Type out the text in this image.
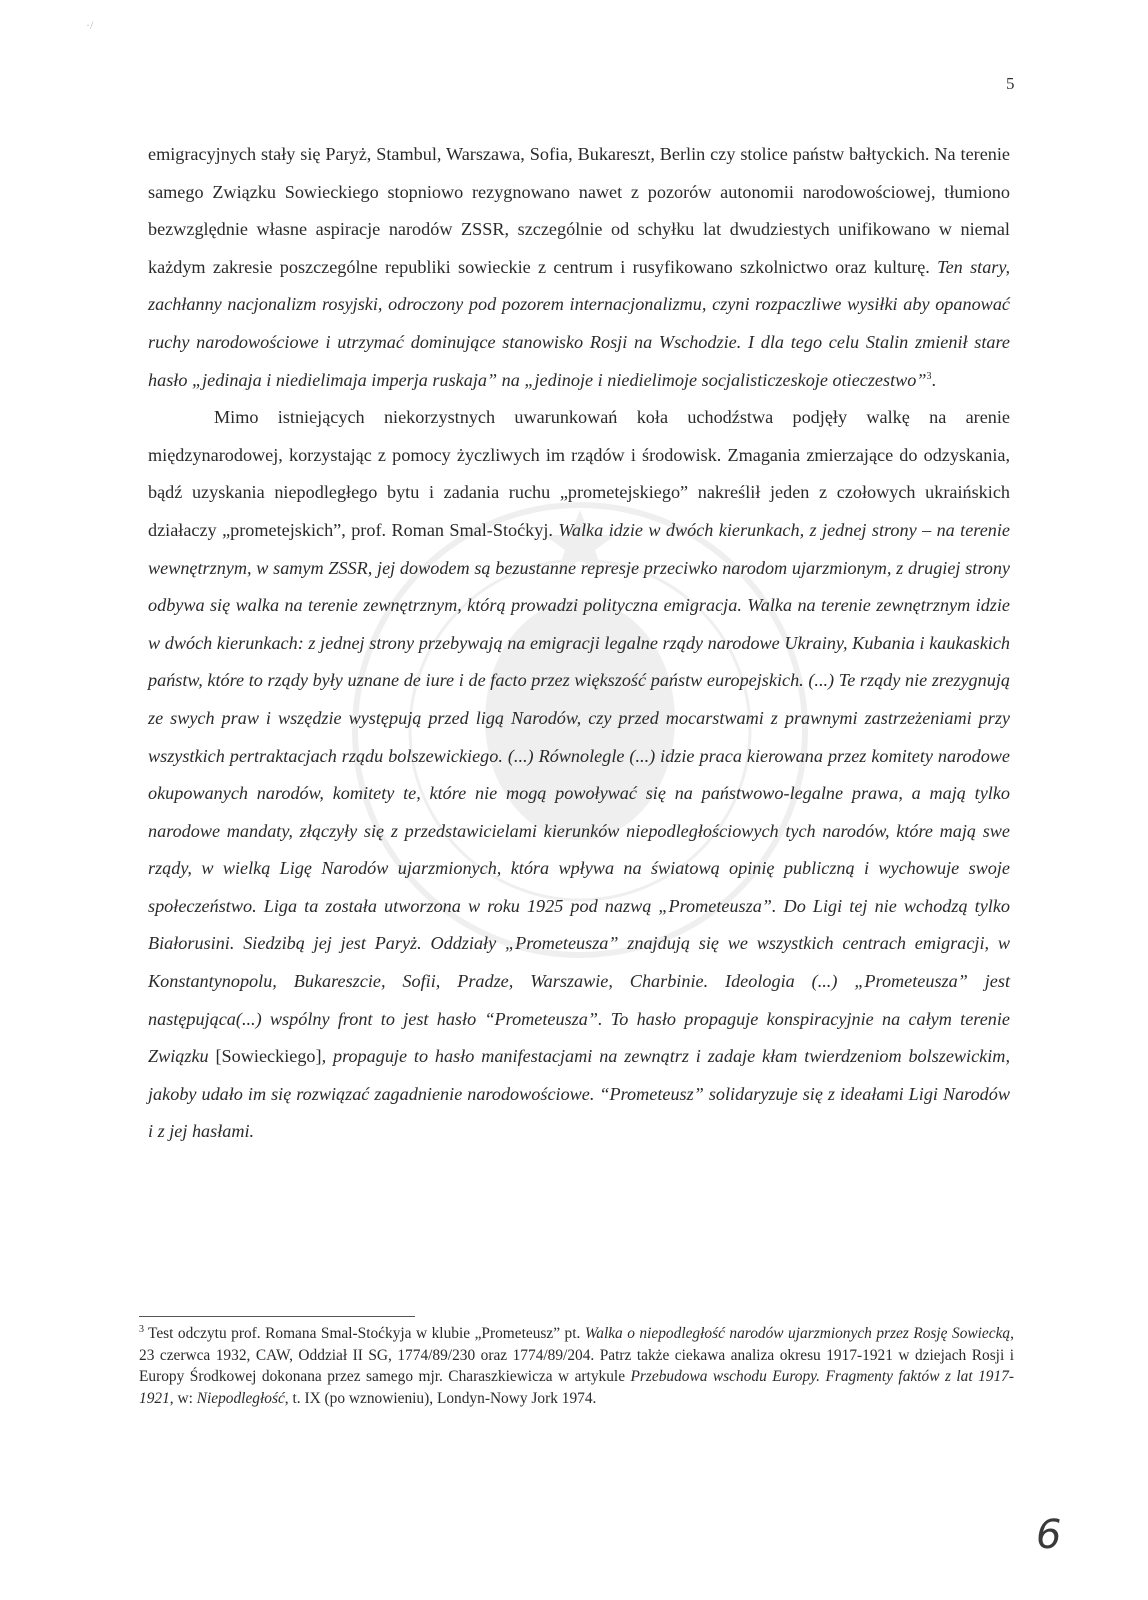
·/
5

emigracyjnych stały się Paryż, Stambul, Warszawa, Sofia, Bukareszt, Berlin czy stolice państw bałtyckich. Na terenie samego Związku Sowieckiego stopniowo rezygnowano nawet z pozorów autonomii narodowościowej, tłumiono bezwzględnie własne aspiracje narodów ZSSR, szczególnie od schyłku lat dwudziestych unifikowano w niemal każdym zakresie poszczególne republiki sowieckie z centrum i rusyfikowano szkolnictwo oraz kulturę. Ten stary, zachłanny nacjonalizm rosyjski, odroczony pod pozorem internacjonalizmu, czyni rozpaczliwe wysiłki aby opanować ruchy narodowościowe i utrzymać dominujące stanowisko Rosji na Wschodzie. I dla tego celu Stalin zmienił stare hasło „jedinaja i niedielimaja imperja ruskaja” na „jedinoje i niedielimoje socjalisticzeskoje otieczestwo”$^3$.

Mimo istniejących niekorzystnych uwarunkowań koła uchodźstwa podjęły walkę na arenie międzynarodowej, korzystając z pomocy życzliwych im rządów i środowisk. Zmagania zmierzające do odzyskania, bądź uzyskania niepodległego bytu i zadania ruchu „prometejskiego” nakreślił jeden z czołowych ukraińskich działaczy „prometejskich”, prof. Roman Smal-Stoćkyj. Walka idzie w dwóch kierunkach, z jednej strony – na terenie wewnętrznym, w samym ZSSR, jej dowodem są bezustanne represje przeciwko narodom ujarzmionym, z drugiej strony odbywa się walka na terenie zewnętrznym, którą prowadzi polityczna emigracja. Walka na terenie zewnętrznym idzie w dwóch kierunkach: z jednej strony przebywają na emigracji legalne rządy narodowe Ukrainy, Kubania i kaukaskich państw, które to rządy były uznane de iure i de facto przez większość państw europejskich. (...) Te rządy nie zrezygnują ze swych praw i wszędzie występują przed ligą Narodów, czy przed mocarstwami z prawnymi zastrzeżeniami przy wszystkich pertraktacjach rządu bolszewickiego. (...) Równolegle (...) idzie praca kierowana przez komitety narodowe okupowanych narodów, komitety te, które nie mogą powoływać się na państwowo-legalne prawa, a mają tylko narodowe mandaty, złączyły się z przedstawicielami kierunków niepodległościowych tych narodów, które mają swe rządy, w wielką Ligę Narodów ujarzmionych, która wpływa na światową opinię publiczną i wychowuje swoje społeczeństwo. Liga ta została utworzona w roku 1925 pod nazwą „Prometeusza”. Do Ligi tej nie wchodzą tylko Białorusini. Siedzibą jej jest Paryż. Oddziały „Prometeusza” znajdują się we wszystkich centrach emigracji, w Konstantynopolu, Bukareszcie, Sofii, Pradze, Warszawie, Charbinie. Ideologia (...) „Prometeusza” jest następująca(...) wspólny front to jest hasło “Prometeusza”. To hasło propaguje konspiracyjnie na całym terenie Związku [Sowieckiego], propaguje to hasło manifestacjami na zewnątrz i zadaje kłam twierdzeniom bolszewickim, jakoby udało im się rozwiązać zagadnienie narodowościowe. “Prometeusz” solidaryzuje się z ideałami Ligi Narodów i z jej hasłami.

$^3$ Test odczytu prof. Romana Smal-Stoćkyja w klubie „Prometeusz” pt. Walka o niepodległość narodów ujarzmionych przez Rosję Sowiecką, 23 czerwca 1932, CAW, Oddział II SG, 1774/89/230 oraz 1774/89/204. Patrz także ciekawa analiza okresu 1917-1921 w dziejach Rosji i Europy Środkowej dokonana przez samego mjr. Charaszkiewicza w artykule Przebudowa wschodu Europy. Fragmenty faktów z lat 1917-1921, w: Niepodległość, t. IX (po wznowieniu), Londyn-Nowy Jork 1974.
6
